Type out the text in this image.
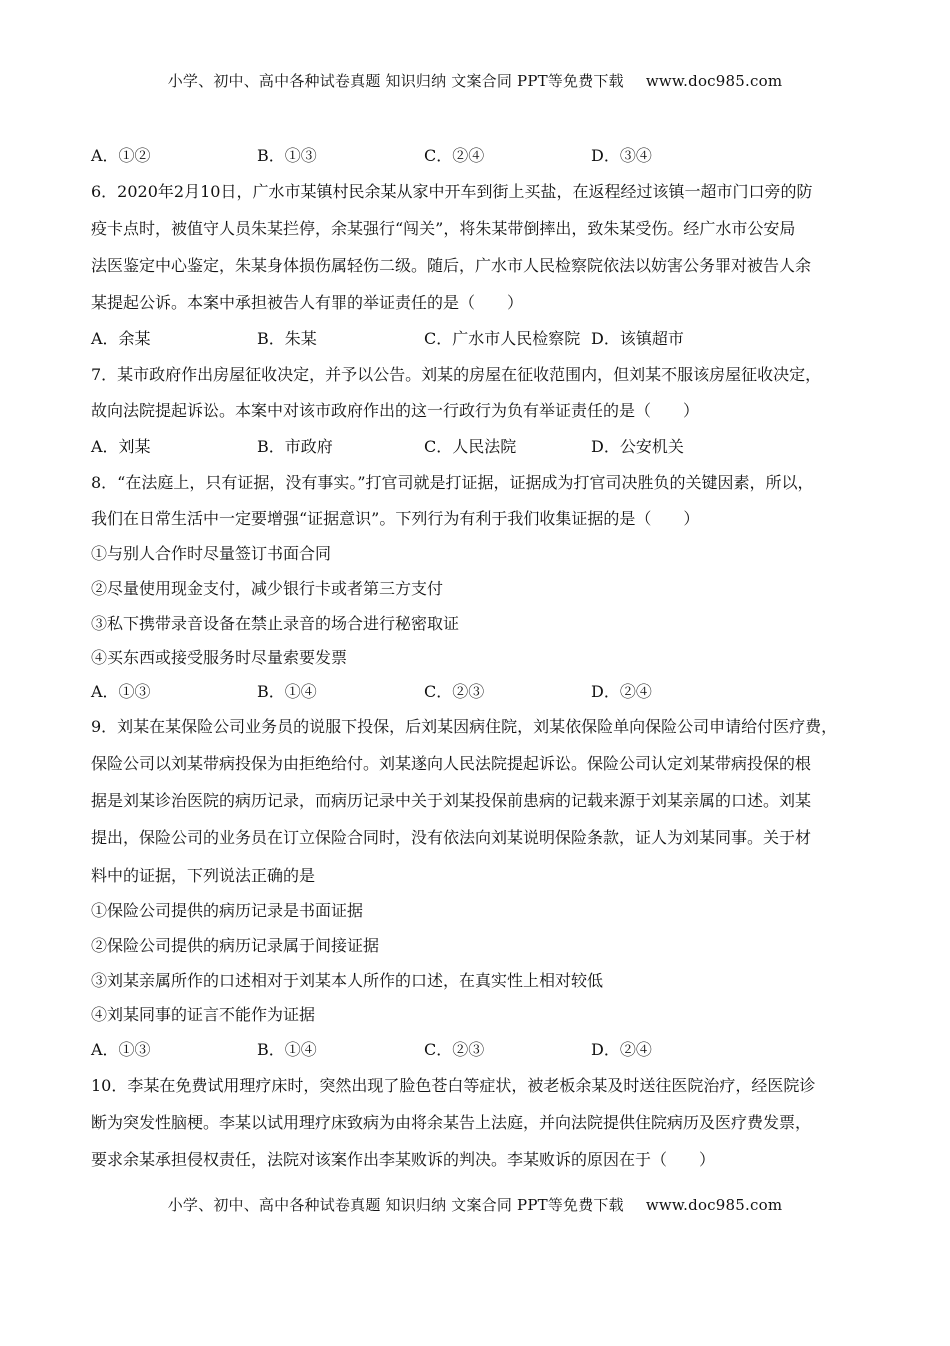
小学、初中、高中各种试卷真题 知识归纳 文案合同 PPT等免费下载 www.doc985.com
A．①②	B．①③	C．②④	D．③④
6．2020年2月10日，广水市某镇村民余某从家中开车到街上买盐，在返程经过该镇一超市门口旁的防
疫卡点时，被值守人员朱某拦停，余某强行“闯关”，将朱某带倒摔出，致朱某受伤。经广水市公安局
法医鉴定中心鉴定，朱某身体损伤属轻伤二级。随后，广水市人民检察院依法以妨害公务罪对被告人余
某提起公诉。本案中承担被告人有罪的举证责任的是（　　）
A．余某	B．朱某	C．广水市人民检察院 D．该镇超市
7．某市政府作出房屋征收决定，并予以公告。刘某的房屋在征收范围内，但刘某不服该房屋征收决定，
故向法院提起诉讼。本案中对该市政府作出的这一行政行为负有举证责任的是（　　）
A．刘某	B．市政府	C．人民法院	D．公安机关
8．“在法庭上，只有证据，没有事实。”打官司就是打证据，证据成为打官司决胜负的关键因素，所以，
我们在日常生活中一定要增强“证据意识”。下列行为有利于我们收集证据的是（　　）
①与别人合作时尽量签订书面合同
②尽量使用现金支付，减少银行卡或者第三方支付
③私下携带录音设备在禁止录音的场合进行秘密取证
④买东西或接受服务时尽量索要发票
A．①③	B．①④	C．②③	D．②④
9．刘某在某保险公司业务员的说服下投保，后刘某因病住院，刘某依保险单向保险公司申请给付医疗费，
保险公司以刘某带病投保为由拒绝给付。刘某遂向人民法院提起诉讼。保险公司认定刘某带病投保的根
据是刘某诊治医院的病历记录，而病历记录中关于刘某投保前患病的记载来源于刘某亲属的口述。刘某
提出，保险公司的业务员在订立保险合同时，没有依法向刘某说明保险条款，证人为刘某同事。关于材
料中的证据，下列说法正确的是
①保险公司提供的病历记录是书面证据
②保险公司提供的病历记录属于间接证据
③刘某亲属所作的口述相对于刘某本人所作的口述，在真实性上相对较低
④刘某同事的证言不能作为证据
A．①③	B．①④	C．②③	D．②④
10．李某在免费试用理疗床时，突然出现了脸色苍白等症状，被老板余某及时送往医院治疗，经医院诊
断为突发性脑梗。李某以试用理疗床致病为由将余某告上法庭，并向法院提供住院病历及医疗费发票，
要求余某承担侵权责任，法院对该案作出李某败诉的判决。李某败诉的原因在于（　　）
小学、初中、高中各种试卷真题 知识归纳 文案合同 PPT等免费下载 www.doc985.com
